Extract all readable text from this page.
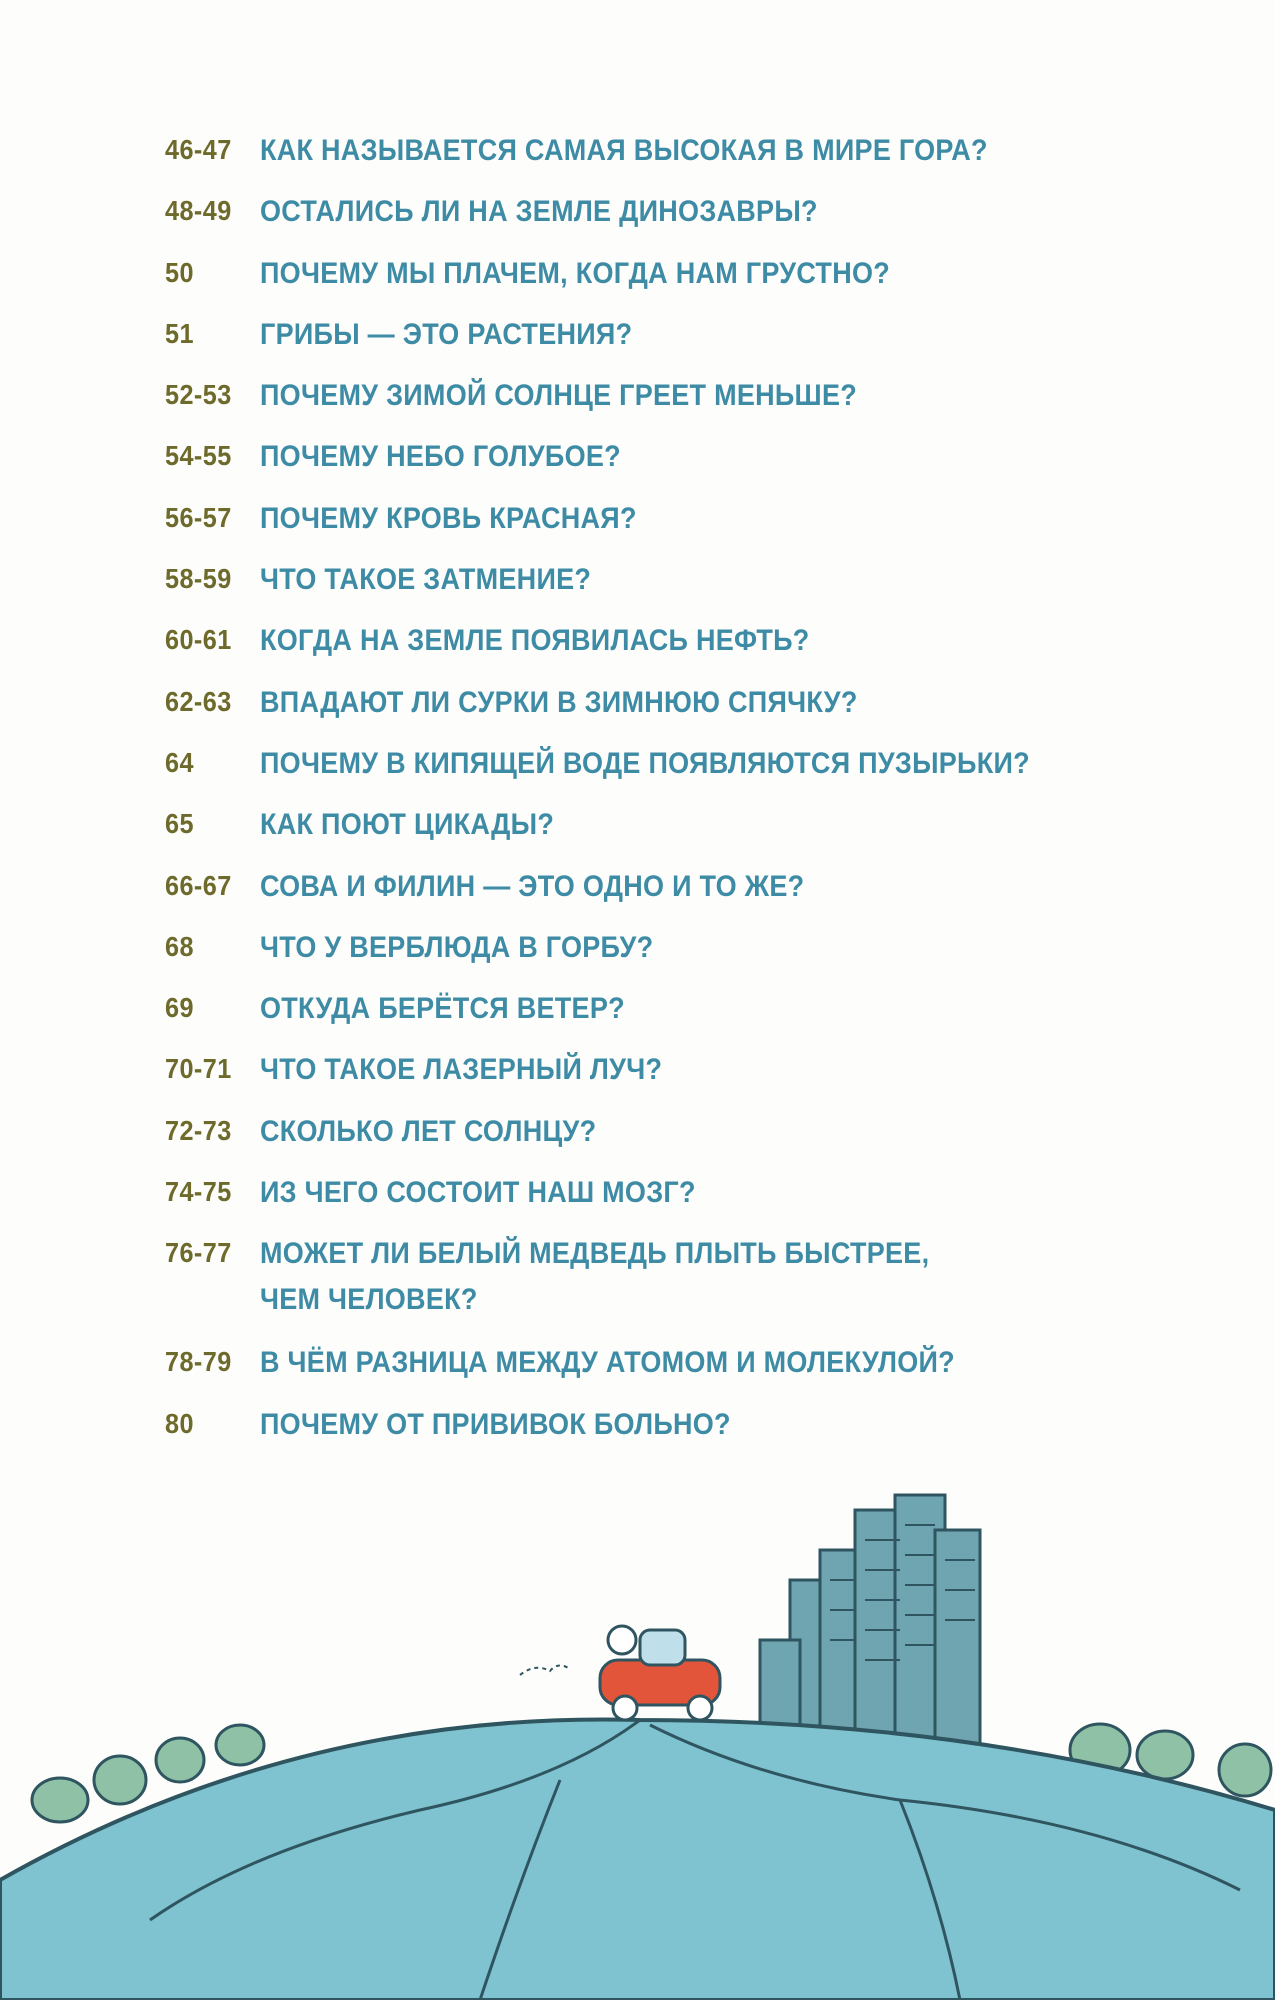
46-47 КАК НАЗЫВАЕТСЯ САМАЯ ВЫСОКАЯ В МИРЕ ГОРА?
48-49 ОСТАЛИСЬ ЛИ НА ЗЕМЛЕ ДИНОЗАВРЫ?
50	ПОЧЕМУ МЫ ПЛАЧЕМ, КОГДА НАМ ГРУСТНО?
51	ГРИБЫ — ЭТО РАСТЕНИЯ?
52-53 ПОЧЕМУ ЗИМОЙ СОЛНЦЕ ГРЕЕТ МЕНЬШЕ?
54-55 ПОЧЕМУ НЕБО ГОЛУБОЕ?
56-57 ПОЧЕМУ КРОВЬ КРАСНАЯ?
58-59 ЧТО ТАКОЕ ЗАТМЕНИЕ?
60-61 КОГДА НА ЗЕМЛЕ ПОЯВИЛАСЬ НЕФТЬ?
62-63 ВПАДАЮТ ЛИ СУРКИ В ЗИМНЮЮ СПЯЧКУ?
64	ПОЧЕМУ В КИПЯЩЕЙ ВОДЕ ПОЯВЛЯЮТСЯ ПУЗЫРЬКИ?
65	КАК ПОЮТ ЦИКАДЫ?
66-67 СОВА И ФИЛИН — ЭТО ОДНО И ТО ЖЕ?
68	ЧТО У ВЕРБЛЮДА В ГОРБУ?
69	ОТКУДА БЕРЁТСЯ ВЕТЕР?
70-71 ЧТО ТАКОЕ ЛАЗЕРНЫЙ ЛУЧ?
72-73 СКОЛЬКО ЛЕТ СОЛНЦУ?
74-75 ИЗ ЧЕГО СОСТОИТ НАШ МОЗГ?
76-77 МОЖЕТ ЛИ БЕЛЫЙ МЕДВЕДЬ ПЛЫТЬ БЫСТРЕЕ,
ЧЕМ ЧЕЛОВЕК?
78-79 В ЧЁМ РАЗНИЦА МЕЖДУ АТОМОМ И МОЛЕКУЛОЙ?
80	ПОЧЕМУ ОТ ПРИВИВОК БОЛЬНО?
